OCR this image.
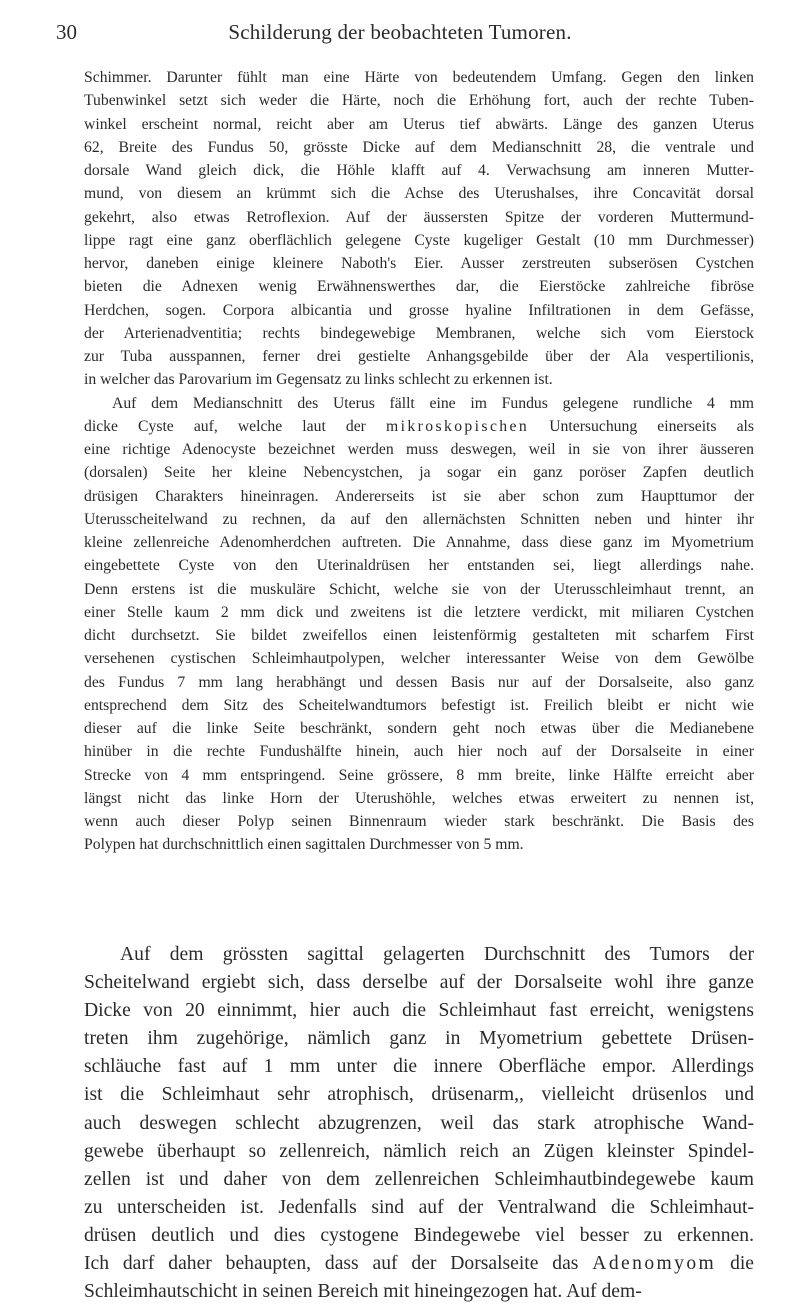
30	Schilderung der beobachteten Tumoren.
Schimmer. Darunter fühlt man eine Härte von bedeutendem Umfang. Gegen den linken
Tubenwinkel setzt sich weder die Härte, noch die Erhöhung fort, auch der rechte Tuben-
winkel erscheint normal, reicht aber am Uterus tief abwärts. Länge des ganzen Uterus
62, Breite des Fundus 50, grösste Dicke auf dem Medianschnitt 28, die ventrale und
dorsale Wand gleich dick, die Höhle klafft auf 4. Verwachsung am inneren Mutter-
mund, von diesem an krümmt sich die Achse des Uterushalses, ihre Concavität dorsal
gekehrt, also etwas Retroflexion. Auf der äussersten Spitze der vorderen Muttermund-
lippe ragt eine ganz oberflächlich gelegene Cyste kugeliger Gestalt (10 mm Durchmesser)
hervor, daneben einige kleinere Naboth's Eier. Ausser zerstreuten subserösen Cystchen
bieten die Adnexen wenig Erwähnenswerthes dar, die Eierstöcke zahlreiche fibröse
Herdchen, sogen. Corpora albicantia und grosse hyaline Infiltrationen in dem Gefässe,
der Arterienadventitia; rechts bindegewebige Membranen, welche sich vom Eierstock
zur Tuba ausspannen, ferner drei gestielte Anhangsgebilde über der Ala vespertilionis,
in welcher das Parovarium im Gegensatz zu links schlecht zu erkennen ist.
Auf dem Medianschnitt des Uterus fällt eine im Fundus gelegene rundliche 4 mm
dicke Cyste auf, welche laut der mikroskopischen Untersuchung einerseits als
eine richtige Adenocyste bezeichnet werden muss deswegen, weil in sie von ihrer äusseren
(dorsalen) Seite her kleine Nebencystchen, ja sogar ein ganz poröser Zapfen deutlich
drüsigen Charakters hineinragen. Andererseits ist sie aber schon zum Haupttumor der
Uterusscheitelwand zu rechnen, da auf den allernächsten Schnitten neben und hinter ihr
kleine zellenreiche Adenomherdchen auftreten. Die Annahme, dass diese ganz im Myometrium
eingebettete Cyste von den Uterinaldrüsen her entstanden sei, liegt allerdings nahe.
Denn erstens ist die muskuläre Schicht, welche sie von der Uterusschleimhaut trennt, an
einer Stelle kaum 2 mm dick und zweitens ist die letztere verdickt, mit miliaren Cystchen
dicht durchsetzt. Sie bildet zweifellos einen leistenförmig gestalteten mit scharfem First
versehenen cystischen Schleimhautpolypen, welcher interessanter Weise von dem Gewölbe
des Fundus 7 mm lang herabhängt und dessen Basis nur auf der Dorsalseite, also ganz
entsprechend dem Sitz des Scheitelwandtumors befestigt ist. Freilich bleibt er nicht wie
dieser auf die linke Seite beschränkt, sondern geht noch etwas über die Medianebene
hinüber in die rechte Fundushälfte hinein, auch hier noch auf der Dorsalseite in einer
Strecke von 4 mm entspringend. Seine grössere, 8 mm breite, linke Hälfte erreicht aber
längst nicht das linke Horn der Uterushöhle, welches etwas erweitert zu nennen ist,
wenn auch dieser Polyp seinen Binnenraum wieder stark beschränkt. Die Basis des
Polypen hat durchschnittlich einen sagittalen Durchmesser von 5 mm.
Auf dem grössten sagittal gelagerten Durchschnitt des Tumors der
Scheitelwand ergiebt sich, dass derselbe auf der Dorsalseite wohl ihre ganze
Dicke von 20 einnimmt, hier auch die Schleimhaut fast erreicht, wenigstens
treten ihm zugehörige, nämlich ganz in Myometrium gebettete Drüsen-
schläuche fast auf 1 mm unter die innere Oberfläche empor. Allerdings
ist die Schleimhaut sehr atrophisch, drüsenarm,, vielleicht drüsenlos und
auch deswegen schlecht abzugrenzen, weil das stark atrophische Wand-
gewebe überhaupt so zellenreich, nämlich reich an Zügen kleinster Spindel-
zellen ist und daher von dem zellenreichen Schleimhautbindegewebe kaum
zu unterscheiden ist. Jedenfalls sind auf der Ventralwand die Schleimhaut-
drüsen deutlich und dies cystogene Bindegewebe viel besser zu erkennen.
Ich darf daher behaupten, dass auf der Dorsalseite das Adenomyom die
Schleimhautschicht in seinen Bereich mit hineingezogen hat. Auf dem-
